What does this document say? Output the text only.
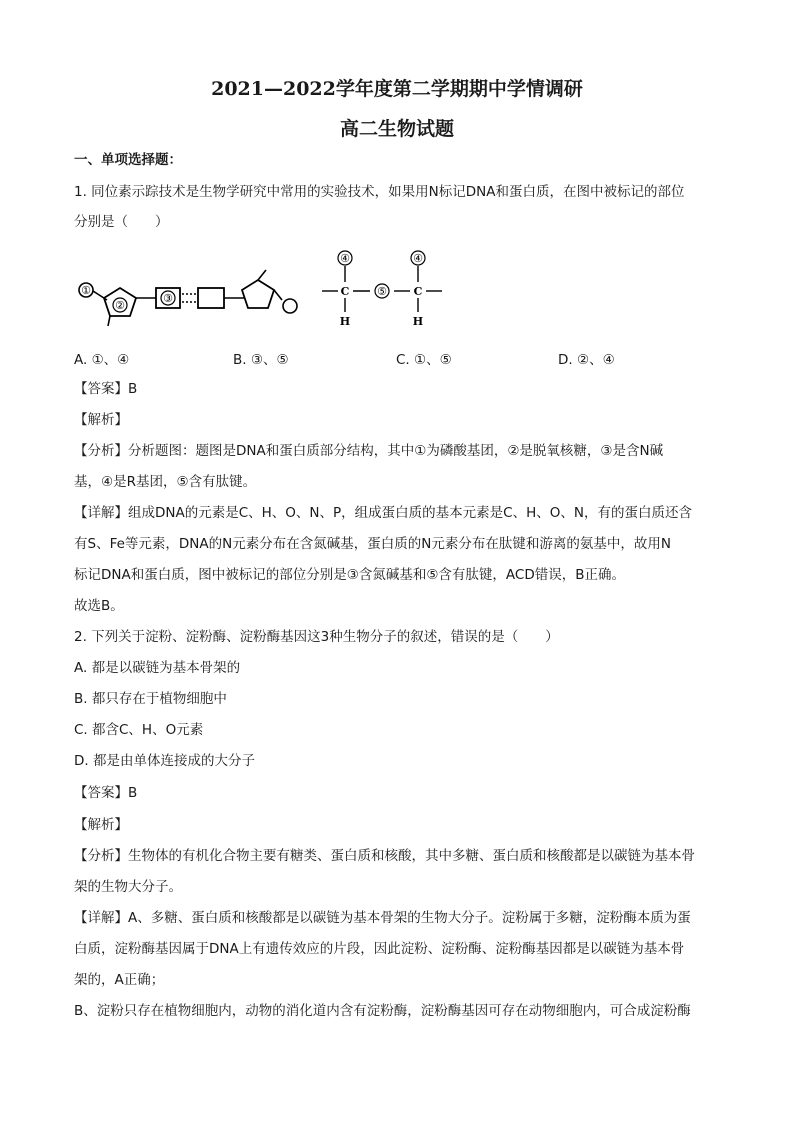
2021—2022学年度第二学期期中学情调研
高二生物试题
一、单项选择题：
1. 同位素示踪技术是生物学研究中常用的实验技术，如果用N标记DNA和蛋白质，在图中被标记的部位
分别是（　　）
①
②
③
④
C
H
⑤
④
C
H
A. ①、④	B. ③、⑤	C. ①、⑤	D. ②、④
【答案】B
【解析】
【分析】分析题图：题图是DNA和蛋白质部分结构，其中①为磷酸基团，②是脱氧核糖，③是含N碱
基，④是R基团，⑤含有肽键。
【详解】组成DNA的元素是C、H、O、N、P，组成蛋白质的基本元素是C、H、O、N，有的蛋白质还含
有S、Fe等元素，DNA的N元素分布在含氮碱基，蛋白质的N元素分布在肽键和游离的氨基中，故用N
标记DNA和蛋白质，图中被标记的部位分别是③含氮碱基和⑤含有肽键，ACD错误，B正确。
故选B。
2. 下列关于淀粉、淀粉酶、淀粉酶基因这3种生物分子的叙述，错误的是（　　）
A. 都是以碳链为基本骨架的
B. 都只存在于植物细胞中
C. 都含C、H、O元素
D. 都是由单体连接成的大分子
【答案】B
【解析】
【分析】生物体的有机化合物主要有糖类、蛋白质和核酸，其中多糖、蛋白质和核酸都是以碳链为基本骨
架的生物大分子。
【详解】A、多糖、蛋白质和核酸都是以碳链为基本骨架的生物大分子。淀粉属于多糖，淀粉酶本质为蛋
白质，淀粉酶基因属于DNA上有遗传效应的片段，因此淀粉、淀粉酶、淀粉酶基因都是以碳链为基本骨
架的，A正确；
B、淀粉只存在植物细胞内，动物的消化道内含有淀粉酶，淀粉酶基因可存在动物细胞内，可合成淀粉酶
